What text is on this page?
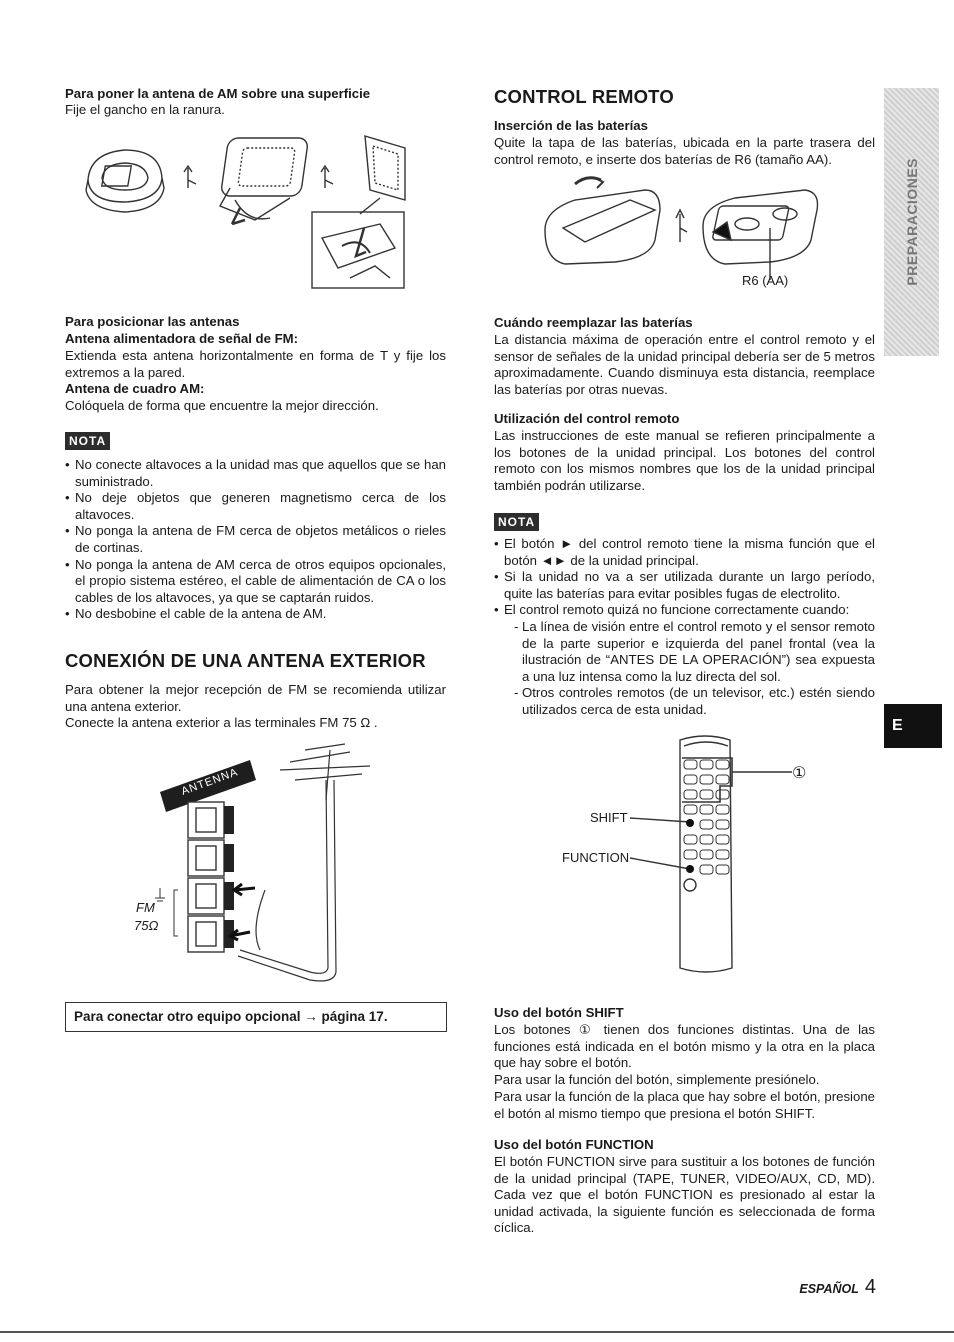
Para poner la antena de AM sobre una superficie

Fije el gancho en la ranura.

Para posicionar las antenas

Antena alimentadora de señal de FM:

Extienda esta antena horizontalmente en forma de T y fije los extremos a la pared.

Antena de cuadro AM:

Colóquela de forma que encuentre la mejor dirección.

NOTA
• No conecte altavoces a la unidad mas que aquellos que se han suministrado.
• No deje objetos que generen magnetismo cerca de los altavoces.
• No ponga la antena de FM cerca de objetos metálicos o rieles de cortinas.
• No ponga la antena de AM cerca de otros equipos opcionales, el propio sistema estéreo, el cable de alimentación de CA o los cables de los altavoces, ya que se captarán ruidos.
• No desbobine el cable de la antena de AM.

CONEXIÓN DE UNA ANTENA EXTERIOR

Para obtener la mejor recepción de FM se recomienda utilizar una antena exterior.

Conecte la antena exterior a las terminales FM 75 Ω .

ANTENNA
FM
75Ω
Para conectar otro equipo opcional → página 17.

CONTROL REMOTO

Inserción de las baterías

Quite la tapa de las baterías, ubicada en la parte trasera del control remoto, e inserte dos baterías de R6 (tamaño AA).

R6 (AA)

Cuándo reemplazar las baterías

La distancia máxima de operación entre el control remoto y el sensor de señales de la unidad principal debería ser de 5 metros aproximadamente. Cuando disminuya esta distancia, reemplace las baterías por otras nuevas.

Utilización del control remoto

Las instrucciones de este manual se refieren principalmente a los botones de la unidad principal. Los botones del control remoto con los mismos nombres que los de la unidad principal también podrán utilizarse.

NOTA
• El botón ► del control remoto tiene la misma función que el botón ◄► de la unidad principal.
• Si la unidad no va a ser utilizada durante un largo período, quite las baterías para evitar posibles fugas de electrolito.
• El control remoto quizá no funcione correctamente cuando:
- La línea de visión entre el control remoto y el sensor remoto de la parte superior e izquierda del panel frontal (vea la ilustración de “ANTES DE LA OPERACIÓN”) sea expuesta a una luz intensa como la luz directa del sol.
- Otros controles remotos (de un televisor, etc.) estén siendo utilizados cerca de esta unidad.
SHIFT
FUNCTION
①

Uso del botón SHIFT

Los botones ① tienen dos funciones distintas. Una de las funciones está indicada en el botón mismo y la otra en la placa que hay sobre el botón.

Para usar la función del botón, simplemente presiónelo.

Para usar la función de la placa que hay sobre el botón, presione el botón al mismo tiempo que presiona el botón SHIFT.

Uso del botón FUNCTION

El botón FUNCTION sirve para sustituir a los botones de función de la unidad principal (TAPE, TUNER, VIDEO/AUX, CD, MD). Cada vez que el botón FUNCTION es presionado al estar la unidad activada, la siguiente función es seleccionada de forma cíclica.

PREPARACIONES
E
ESPAÑOL 4
